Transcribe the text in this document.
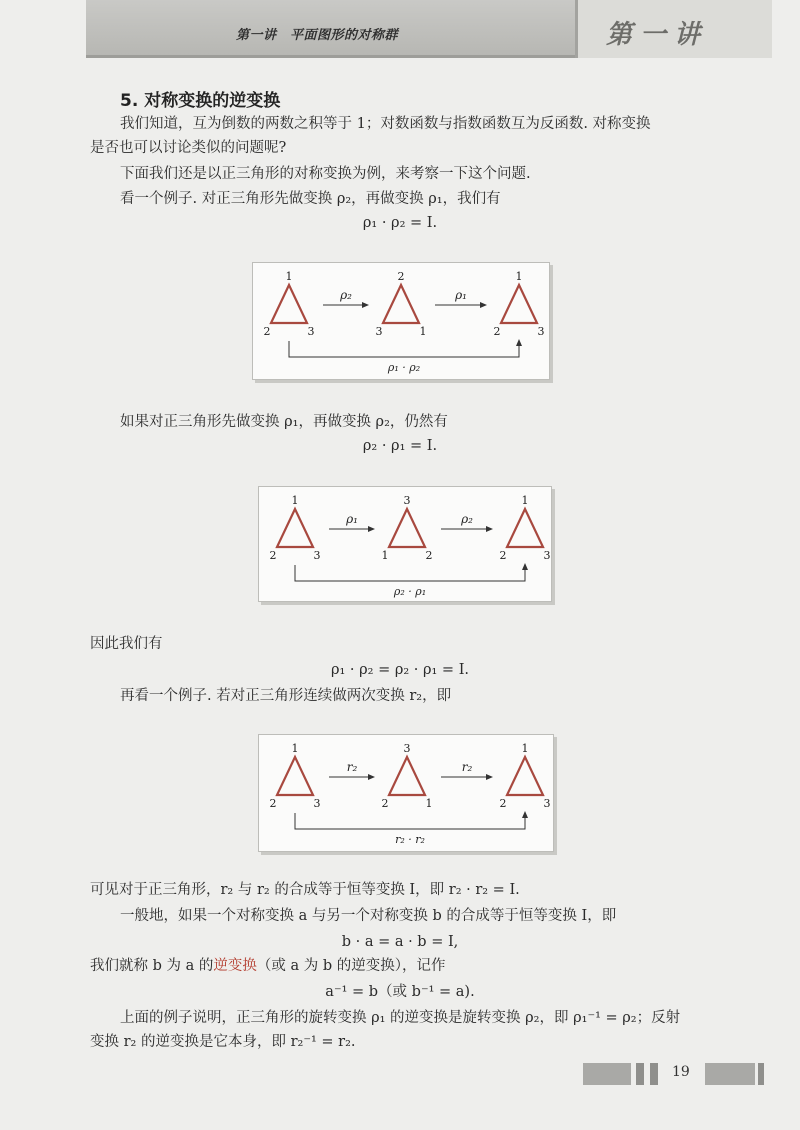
第一讲　平面图形的对称群	第一讲
5. 对称变换的逆变换
我们知道，互为倒数的两数之积等于 1；对数函数与指数函数互为反函数. 对称变换
是否也可以讨论类似的问题呢?
下面我们还是以正三角形的对称变换为例，来考察一下这个问题.
看一个例子. 对正三角形先做变换 ρ₂，再做变换 ρ₁，我们有
ρ₁ · ρ₂ = I.
1
2	3
2
3	1
1
2	3
ρ₂	ρ₁
ρ₁ · ρ₂
如果对正三角形先做变换 ρ₁，再做变换 ρ₂，仍然有
ρ₂ · ρ₁ = I.
1
2	3
3
1	2
1
2	3
ρ₁	ρ₂
ρ₂ · ρ₁
因此我们有
ρ₁ · ρ₂ = ρ₂ · ρ₁ = I.
再看一个例子. 若对正三角形连续做两次变换 r₂，即
1
2	3
3
2	1
1
2	3
r₂	r₂
r₂ · r₂
可见对于正三角形，r₂ 与 r₂ 的合成等于恒等变换 I，即 r₂ · r₂ = I.
一般地，如果一个对称变换 a 与另一个对称变换 b 的合成等于恒等变换 I，即
b · a = a · b = I,
我们就称 b 为 a 的逆变换（或 a 为 b 的逆变换），记作
a⁻¹ = b（或 b⁻¹ = a).
上面的例子说明，正三角形的旋转变换 ρ₁ 的逆变换是旋转变换 ρ₂，即 ρ₁⁻¹ = ρ₂；反射
变换 r₂ 的逆变换是它本身，即 r₂⁻¹ = r₂.
19
